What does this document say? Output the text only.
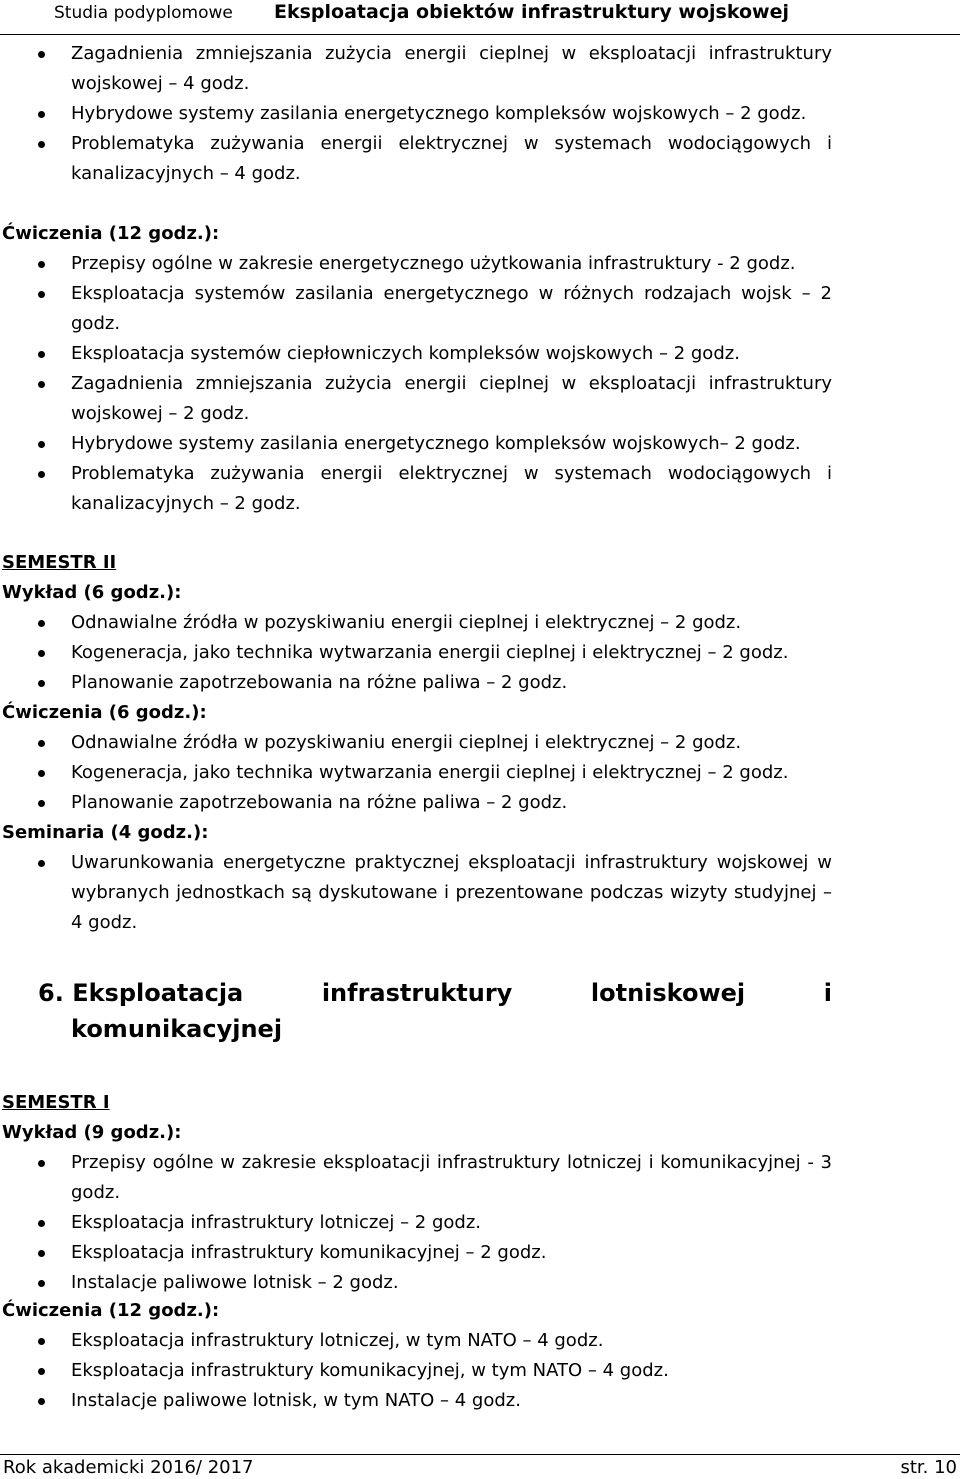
Studia podyplomowe Eksploatacja obiektów infrastruktury wojskowej
Zagadnienia zmniejszania zużycia energii cieplnej w eksploatacji infrastruktury wojskowej – 4 godz.
Hybrydowe systemy zasilania energetycznego kompleksów wojskowych – 2 godz.
Problematyka zużywania energii elektrycznej w systemach wodociągowych i kanalizacyjnych – 4 godz.
Ćwiczenia (12 godz.):
Przepisy ogólne w zakresie energetycznego użytkowania infrastruktury - 2 godz.
Eksploatacja systemów zasilania energetycznego w różnych rodzajach wojsk – 2 godz.
Eksploatacja systemów ciepłowniczych kompleksów wojskowych – 2 godz.
Zagadnienia zmniejszania zużycia energii cieplnej w eksploatacji infrastruktury wojskowej – 2 godz.
Hybrydowe systemy zasilania energetycznego kompleksów wojskowych– 2 godz.
Problematyka zużywania energii elektrycznej w systemach wodociągowych i kanalizacyjnych – 2 godz.
SEMESTR II
Wykład (6 godz.):
Odnawialne źródła w pozyskiwaniu energii cieplnej i elektrycznej – 2 godz.
Kogeneracja, jako technika wytwarzania energii cieplnej i elektrycznej – 2 godz.
Planowanie zapotrzebowania na różne paliwa – 2 godz.
Ćwiczenia (6 godz.):
Odnawialne źródła w pozyskiwaniu energii cieplnej i elektrycznej – 2 godz.
Kogeneracja, jako technika wytwarzania energii cieplnej i elektrycznej – 2 godz.
Planowanie zapotrzebowania na różne paliwa – 2 godz.
Seminaria (4 godz.):
Uwarunkowania energetyczne praktycznej eksploatacji infrastruktury wojskowej w wybranych jednostkach są dyskutowane i prezentowane podczas wizyty studyjnej – 4 godz.
6. Eksploatacja	infrastruktury	lotniskowej	i
komunikacyjnej
SEMESTR I
Wykład (9 godz.):
Przepisy ogólne w zakresie eksploatacji infrastruktury lotniczej i komunikacyjnej - 3 godz.
Eksploatacja infrastruktury lotniczej – 2 godz.
Eksploatacja infrastruktury komunikacyjnej – 2 godz.
Instalacje paliwowe lotnisk – 2 godz.
Ćwiczenia (12 godz.):
Eksploatacja infrastruktury lotniczej, w tym NATO – 4 godz.
Eksploatacja infrastruktury komunikacyjnej, w tym NATO – 4 godz.
Instalacje paliwowe lotnisk, w tym NATO – 4 godz.
Rok akademicki 2016/ 2017	str. 10
